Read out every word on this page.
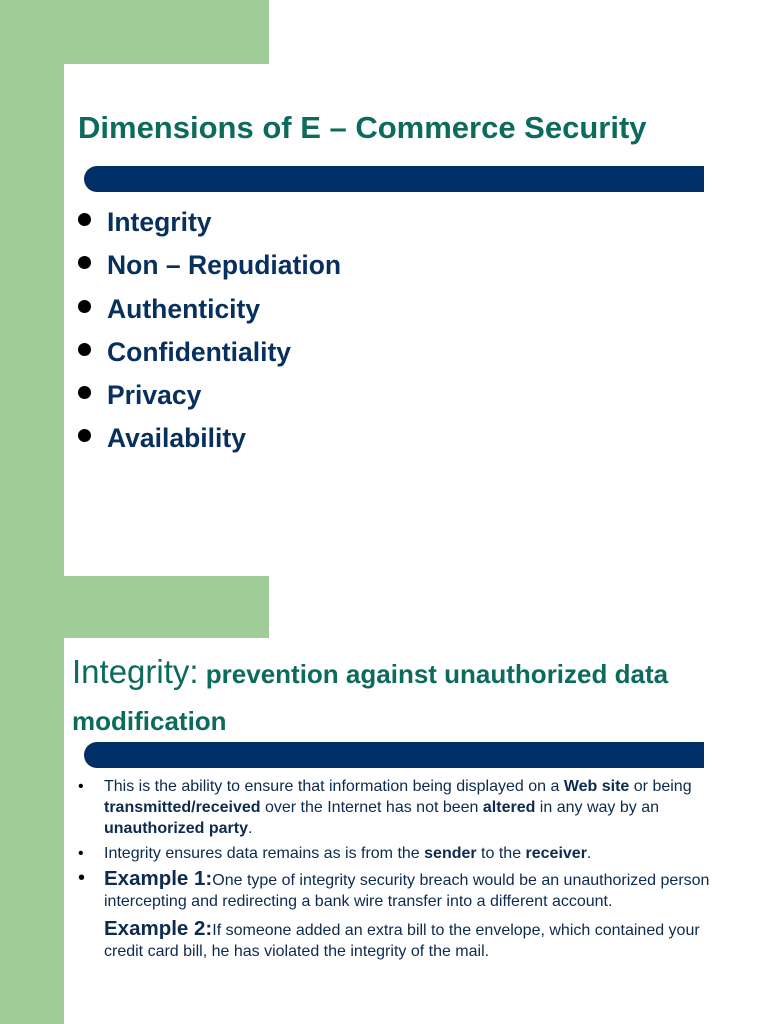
Dimensions of E – Commerce Security
Integrity
Non – Repudiation
Authenticity
Confidentiality
Privacy
Availability
Integrity: prevention against unauthorized data modification
• This is the ability to ensure that information being displayed on a Web site or being transmitted/received over the Internet has not been altered in any way by an unauthorized party.
• Integrity ensures data remains as is from the sender to the receiver.
• Example 1:One type of integrity security breach would be an unauthorized person intercepting and redirecting a bank wire transfer into a different account.
Example 2:If someone added an extra bill to the envelope, which contained your credit card bill, he has violated the integrity of the mail.
